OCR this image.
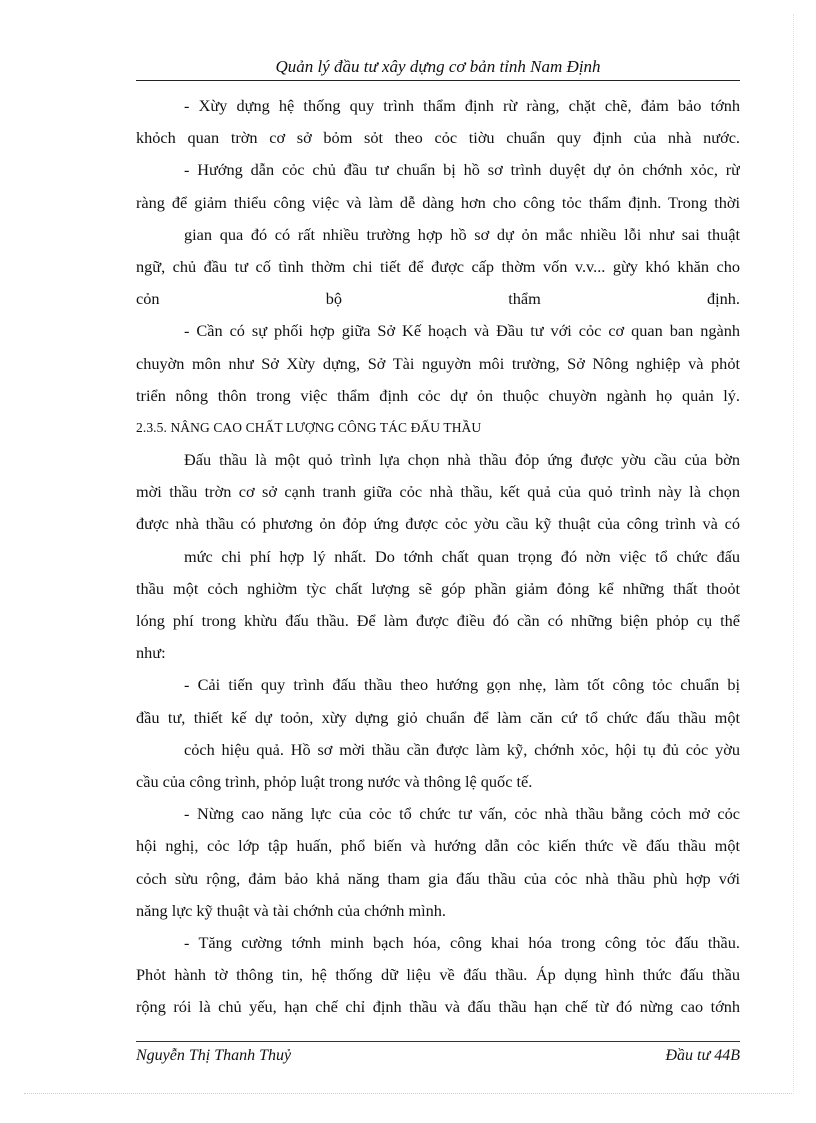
Quản lý đầu tư xây dựng cơ bản tỉnh Nam Định
- Xừy dựng hệ thống quy trình thẩm định rừ ràng, chặt chẽ, đảm bảo tớnh
khỏch quan trờn cơ sở bỏm sỏt theo cỏc tiờu chuẩn quy định của nhà nước.
- Hướng dẫn cỏc chủ đầu tư chuẩn bị hồ sơ trình duyệt dự ỏn chớnh xỏc, rừ
ràng để giảm thiểu công việc và làm dễ dàng hơn cho công tỏc thẩm định. Trong thời
gian qua đó có rất nhiều trường hợp hồ sơ dự ỏn mắc nhiều lỗi như sai thuật
ngữ, chủ đầu tư cố tình thờm chi tiết để được cấp thờm vốn v.v... gừy khó khăn cho
cỏn bộ thẩm định.
- Cần có sự phối hợp giữa Sở Kế hoạch và Đầu tư với cỏc cơ quan ban ngành
chuyờn môn như Sở Xừy dựng, Sở Tài nguyờn môi trường, Sở Nông nghiệp và phỏt
triển nông thôn trong việc thẩm định cỏc dự ỏn thuộc chuyờn ngành họ quản lý.
2.3.5. NÂNG CAO CHẤT LƯỢNG CÔNG TÁC ĐẤU THẦU
Đấu thầu là một quỏ trình lựa chọn nhà thầu đỏp ứng được yờu cầu của bờn
mời thầu trờn cơ sở cạnh tranh giữa cỏc nhà thầu, kết quả của quỏ trình này là chọn
được nhà thầu có phương ỏn đỏp ứng được cỏc yờu cầu kỹ thuật của công trình và có
mức chi phí hợp lý nhất. Do tớnh chất quan trọng đó nờn việc tổ chức đấu
thầu một cỏch nghiờm tỳc chất lượng sẽ góp phần giảm đỏng kể những thất thoỏt
lóng phí trong khừu đấu thầu. Để làm được điều đó cần có những biện phỏp cụ thể
như:
- Cải tiến quy trình đấu thầu theo hướng gọn nhẹ, làm tốt công tỏc chuẩn bị
đầu tư, thiết kế dự toỏn, xừy dựng giỏ chuẩn để làm căn cứ tổ chức đấu thầu một
cỏch hiệu quả. Hồ sơ mời thầu cần được làm kỹ, chớnh xỏc, hội tụ đủ cỏc yờu
cầu của công trình, phỏp luật trong nước và thông lệ quốc tế.
- Nừng cao năng lực của cỏc tổ chức tư vấn, cỏc nhà thầu bằng cỏch mở cỏc
hội nghị, cỏc lớp tập huấn, phổ biến và hướng dẫn cỏc kiến thức về đấu thầu một
cỏch sừu rộng, đảm bảo khả năng tham gia đấu thầu của cỏc nhà thầu phù hợp với
năng lực kỹ thuật và tài chớnh của chớnh mình.
- Tăng cường tớnh minh bạch hóa, công khai hóa trong công tỏc đấu thầu.
Phỏt hành tờ thông tin, hệ thống dữ liệu về đấu thầu. Áp dụng hình thức đấu thầu
rộng rói là chủ yếu, hạn chế chỉ định thầu và đấu thầu hạn chế từ đó nừng cao tớnh
Nguyễn Thị Thanh Thuỷ	Đầu tư 44B
